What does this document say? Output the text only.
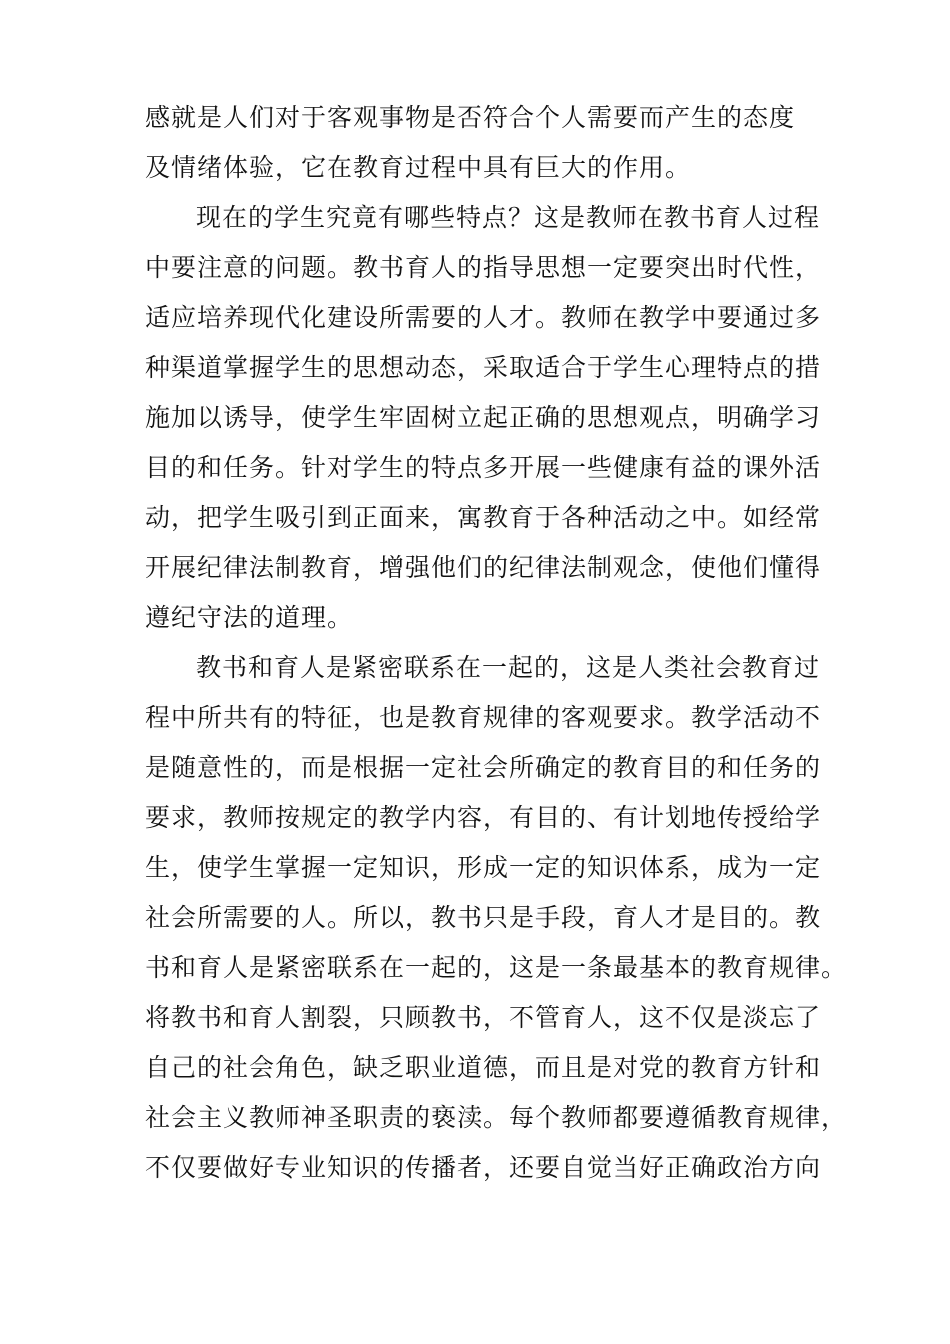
感就是人们对于客观事物是否符合个人需要而产生的态度
及情绪体验，它在教育过程中具有巨大的作用。
现在的学生究竟有哪些特点？这是教师在教书育人过程
中要注意的问题。教书育人的指导思想一定要突出时代性，
适应培养现代化建设所需要的人才。教师在教学中要通过多
种渠道掌握学生的思想动态，采取适合于学生心理特点的措
施加以诱导，使学生牢固树立起正确的思想观点，明确学习
目的和任务。针对学生的特点多开展一些健康有益的课外活
动，把学生吸引到正面来，寓教育于各种活动之中。如经常
开展纪律法制教育，增强他们的纪律法制观念，使他们懂得
遵纪守法的道理。
教书和育人是紧密联系在一起的，这是人类社会教育过
程中所共有的特征，也是教育规律的客观要求。教学活动不
是随意性的，而是根据一定社会所确定的教育目的和任务的
要求，教师按规定的教学内容，有目的、有计划地传授给学
生，使学生掌握一定知识，形成一定的知识体系，成为一定
社会所需要的人。所以，教书只是手段，育人才是目的。教
书和育人是紧密联系在一起的，这是一条最基本的教育规律。
将教书和育人割裂，只顾教书，不管育人，这不仅是淡忘了
自己的社会角色，缺乏职业道德，而且是对党的教育方针和
社会主义教师神圣职责的亵渎。每个教师都要遵循教育规律，
不仅要做好专业知识的传播者，还要自觉当好正确政治方向
